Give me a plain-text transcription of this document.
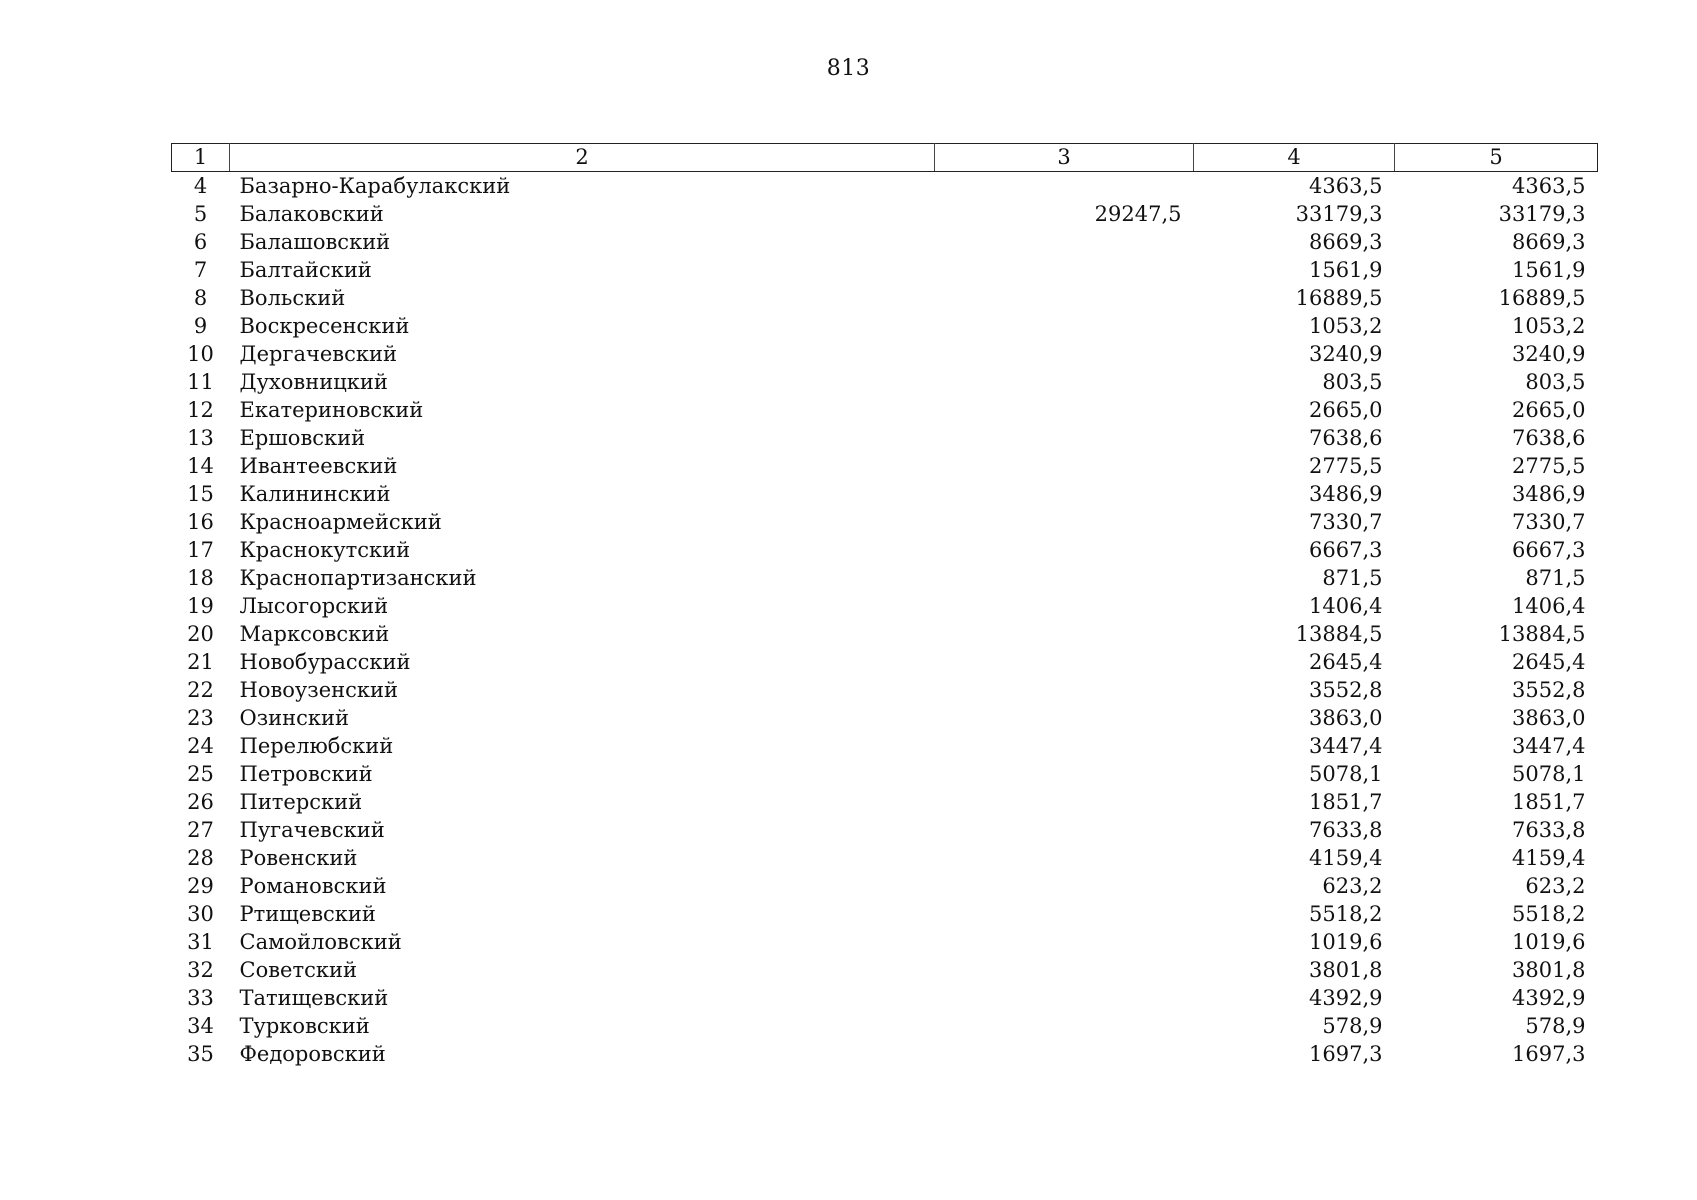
813
1	2	3	4	5
4	Базарно-Карабулакский		4363,5	4363,5
5	Балаковский	29247,5	33179,3	33179,3
6	Балашовский		8669,3	8669,3
7	Балтайский		1561,9	1561,9
8	Вольский		16889,5	16889,5
9	Воскресенский		1053,2	1053,2
10	Дергачевский		3240,9	3240,9
11	Духовницкий		803,5	803,5
12	Екатериновский		2665,0	2665,0
13	Ершовский		7638,6	7638,6
14	Ивантеевский		2775,5	2775,5
15	Калининский		3486,9	3486,9
16	Красноармейский		7330,7	7330,7
17	Краснокутский		6667,3	6667,3
18	Краснопартизанский		871,5	871,5
19	Лысогорский		1406,4	1406,4
20	Марксовский		13884,5	13884,5
21	Новобурасский		2645,4	2645,4
22	Новоузенский		3552,8	3552,8
23	Озинский		3863,0	3863,0
24	Перелюбский		3447,4	3447,4
25	Петровский		5078,1	5078,1
26	Питерский		1851,7	1851,7
27	Пугачевский		7633,8	7633,8
28	Ровенский		4159,4	4159,4
29	Романовский		623,2	623,2
30	Ртищевский		5518,2	5518,2
31	Самойловский		1019,6	1019,6
32	Советский		3801,8	3801,8
33	Татищевский		4392,9	4392,9
34	Турковский		578,9	578,9
35	Федоровский		1697,3	1697,3
